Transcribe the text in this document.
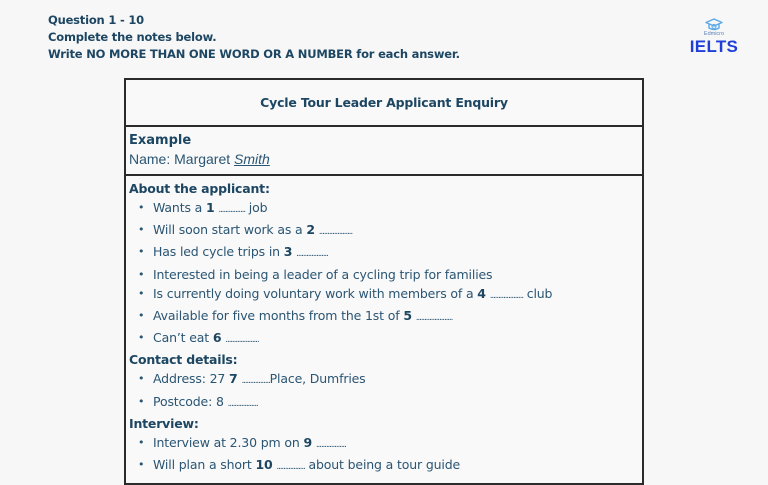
Question 1 - 10
Complete the notes below.
Write NO MORE THAN ONE WORD OR A NUMBER for each answer.
Edmicro
IELTS
Cycle Tour Leader Applicant Enquiry
Example
Name: Margaret Smith
About the applicant:
• Wants a 1 ................ job
• Will soon start work as a 2 ....................
• Has led cycle trips in 3 ...................
• Interested in being a leader of a cycling trip for families
• Is currently doing voluntary work with members of a 4 .................... club
• Available for five months from the 1st of 5 ......................
• Can’t eat 6 ....................
Contact details:
• Address: 27 7 .................Place, Dumfries
• Postcode: 8 ..................
Interview:
• Interview at 2.30 pm on 9 ..................
• Will plan a short 10 ................. about being a tour guide
